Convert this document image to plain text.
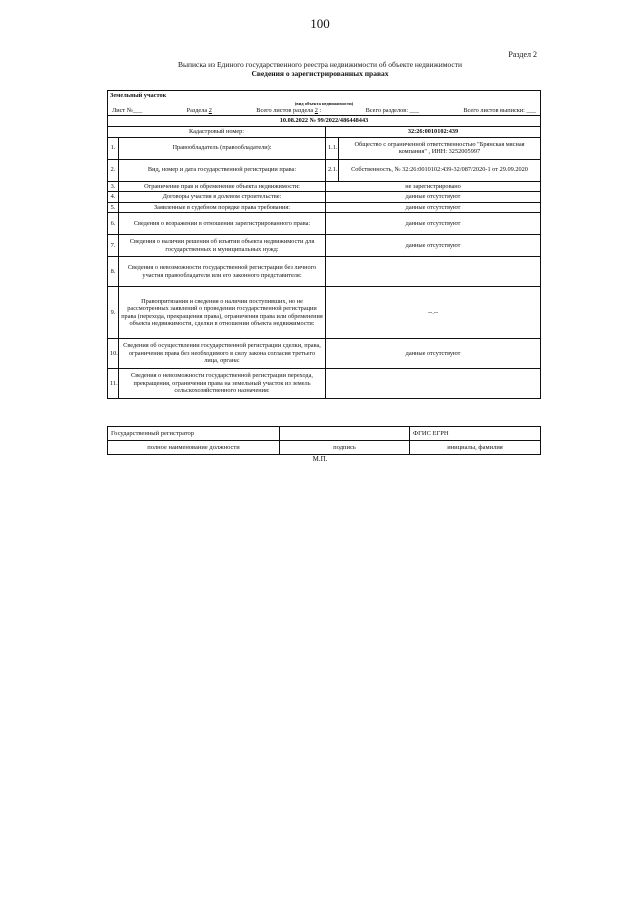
100
Раздел 2
Выписка из Единого государственного реестра недвижимости об объекте недвижимости
Сведения о зарегистрированных правах
Земельный участок			
(вид объекта недвижимости)			

Лист №___ Раздела 2 Всего листов раздела 2 : Всего разделов: ___ Всего листов выписки: ___			

10.08.2022 № 99/2022/486448443			
Кадастровый номер:		32:26:0010102:439	
1.	Правообладатель (правообладатели):	1.1.	Общество с ограниченной ответственностью "Брянская мясная компания" , ИНН: 3252005997
2.	Вид, номер и дата государственной регистрации права:	2.1.	Собственность, № 32:26:0010102:439-32/087/2020-1 от 29.09.2020
3.	Ограничение прав и обременение объекта недвижимости:	не зарегистрировано	
4.	Договоры участия в долевом строительстве:	данные отсутствуют	
5.	Заявленные в судебном порядке права требования:	данные отсутствуют	
6.	Сведения о возражении в отношении зарегистрированного права:	данные отсутствуют	
7.	Сведения о наличии решения об изъятии объекта недвижимости для государственных и муниципальных нужд:	данные отсутствуют	
8.	Сведения о невозможности государственной регистрации без личного участия правообладателя или его законного представителя:		
9.	Правопритязания и сведения о наличии поступивших, но не рассмотренных заявлений о проведении государственной регистрации права (перехода, прекращения права), ограничения права или обременения объекта недвижимости, сделки в отношении объекта недвижимости:	--.--	
10.	Сведения об осуществлении государственной регистрации сделки, права, ограничения права без необходимого в силу закона согласия третьего лица, органа:	данные отсутствуют	
11.	Сведения о невозможности государственной регистрации перехода, прекращения, ограничения права на земельный участок из земель сельскохозяйственного назначения:		
Государственный регистратор		ФГИС ЕГРН
полное наименование должности	подпись	инициалы, фамилия
М.П.
